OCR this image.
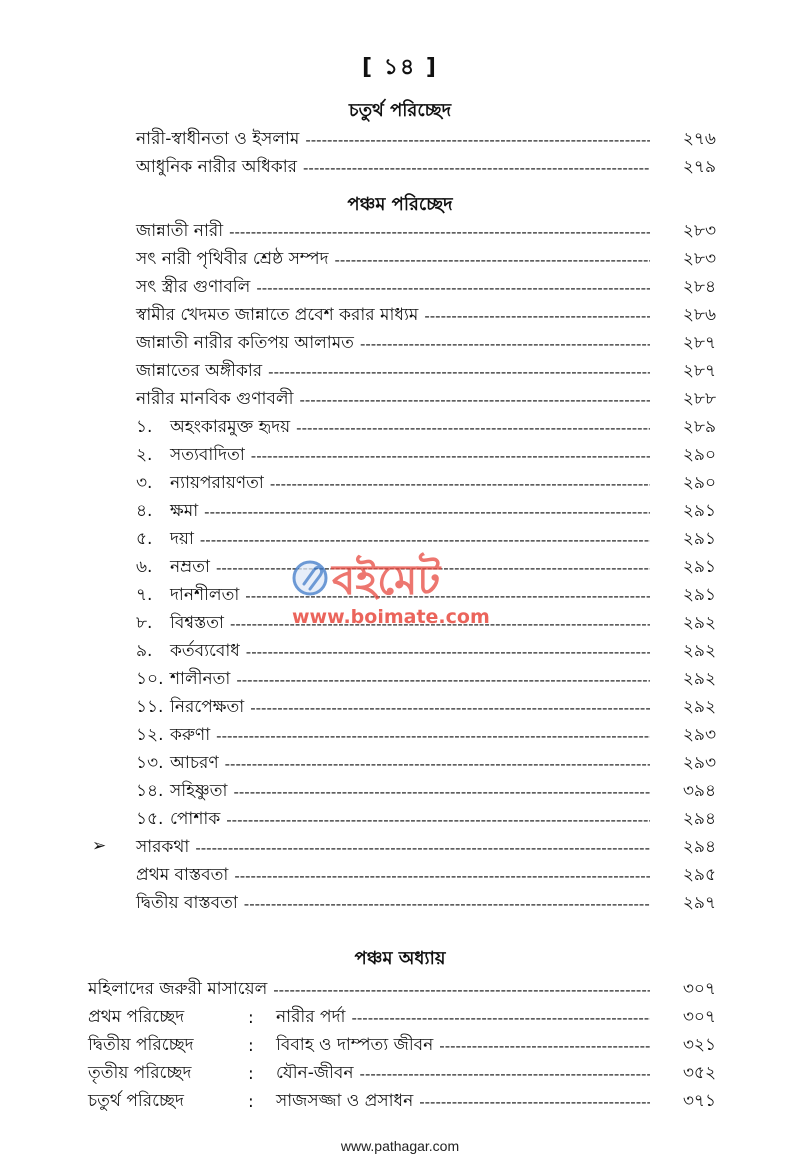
[ ১৪ ]
চতুর্থ পরিচ্ছেদ
নারী-স্বাধীনতা ও ইসলাম -----	২৭৬
আধুনিক নারীর অধিকার -----	২৭৯
পঞ্চম পরিচ্ছেদ
জান্নাতী নারী -----	২৮৩
সৎ নারী পৃথিবীর শ্রেষ্ঠ সম্পদ -----	২৮৩
সৎ স্ত্রীর গুণাবলি -----	২৮৪
স্বামীর খেদমত জান্নাতে প্রবেশ করার মাধ্যম -----	২৮৬
জান্নাতী নারীর কতিপয় আলামত -----	২৮৭
জান্নাতের অঙ্গীকার -----	২৮৭
নারীর মানবিক গুণাবলী -----	২৮৮
১.	অহংকারমুক্ত হৃদয় -----	২৮৯
২.	সত্যবাদিতা -----	২৯০
৩.	ন্যায়পরায়ণতা -----	২৯০
৪.	ক্ষমা -----	২৯১
৫.	দয়া -----	২৯১
৬.	নম্রতা -----	২৯১
৭.	দানশীলতা -----	২৯১
৮.	বিশ্বস্ততা -----	২৯২
৯.	কর্তব্যবোধ -----	২৯২
১০. শালীনতা -----	২৯২
১১. নিরপেক্ষতা -----	২৯২
১২. করুণা -----	২৯৩
১৩. আচরণ -----	২৯৩
১৪. সহিষ্ণুতা -----	৩৯৪
১৫. পোশাক -----	২৯৪
➢ সারকথা -----	২৯৪
প্রথম বাস্তবতা -----	২৯৫
দ্বিতীয় বাস্তবতা -----	২৯৭
পঞ্চম অধ্যায়
মহিলাদের জরুরী মাসায়েল -----	৩০৭
প্রথম পরিচ্ছেদ	:	নারীর পর্দা -----	৩০৭
দ্বিতীয় পরিচ্ছেদ	:	বিবাহ ও দাম্পত্য জীবন -----	৩২১
তৃতীয় পরিচ্ছেদ	:	যৌন-জীবন -----	৩৫২
চতুর্থ পরিচ্ছেদ	:	সাজসজ্জা ও প্রসাধন -----	৩৭১
বইমেট
www.boimate.com
www.pathagar.com
